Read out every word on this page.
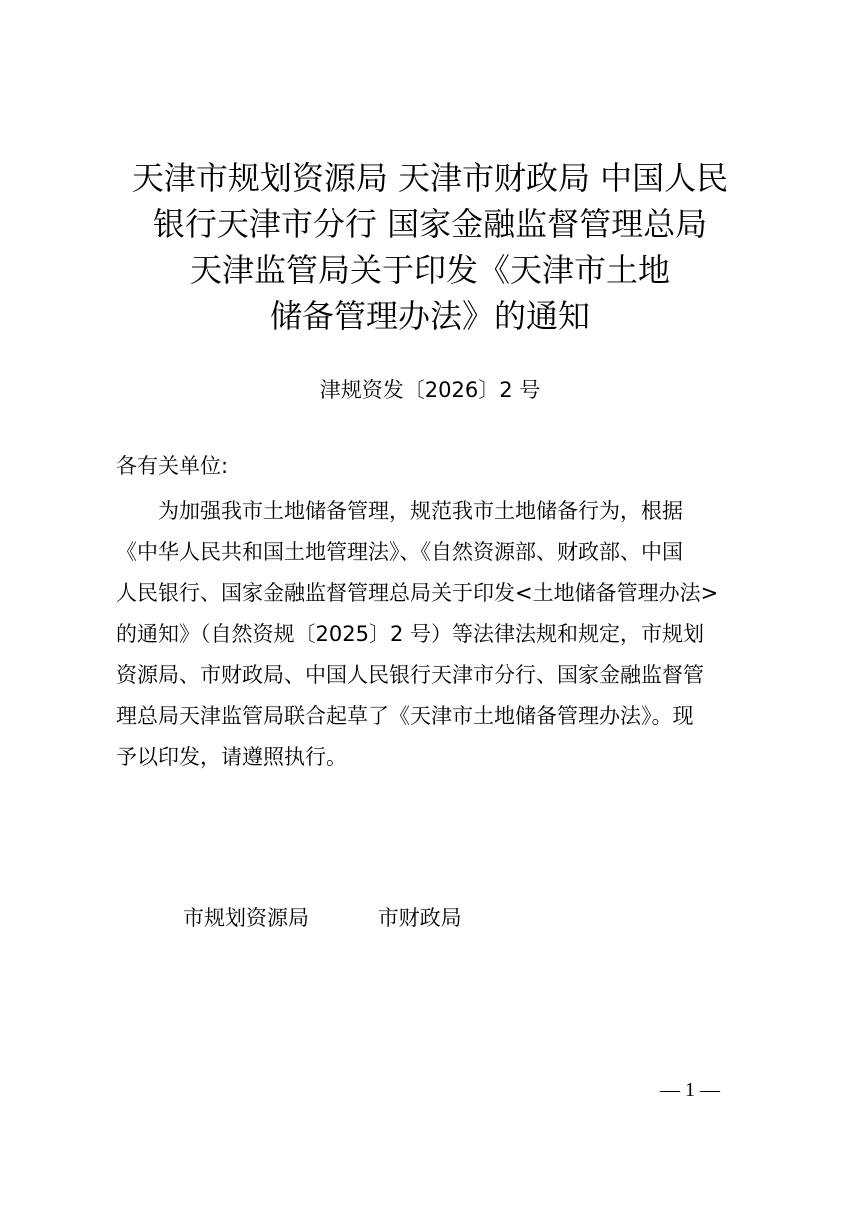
天津市规划资源局 天津市财政局 中国人民
银行天津市分行 国家金融监督管理总局
天津监管局关于印发《天津市土地
储备管理办法》的通知
津规资发〔2026〕2 号
各有关单位:
为加强我市土地储备管理，规范我市土地储备行为，根据
《中华人民共和国土地管理法》、《自然资源部、财政部、中国
人民银行、国家金融监督管理总局关于印发<土地储备管理办法>
的通知》（自然资规〔2025〕2 号）等法律法规和规定，市规划
资源局、市财政局、中国人民银行天津市分行、国家金融监督管
理总局天津监管局联合起草了《天津市土地储备管理办法》。现
予以印发，请遵照执行。
市规划资源局	市财政局
— 1 —
